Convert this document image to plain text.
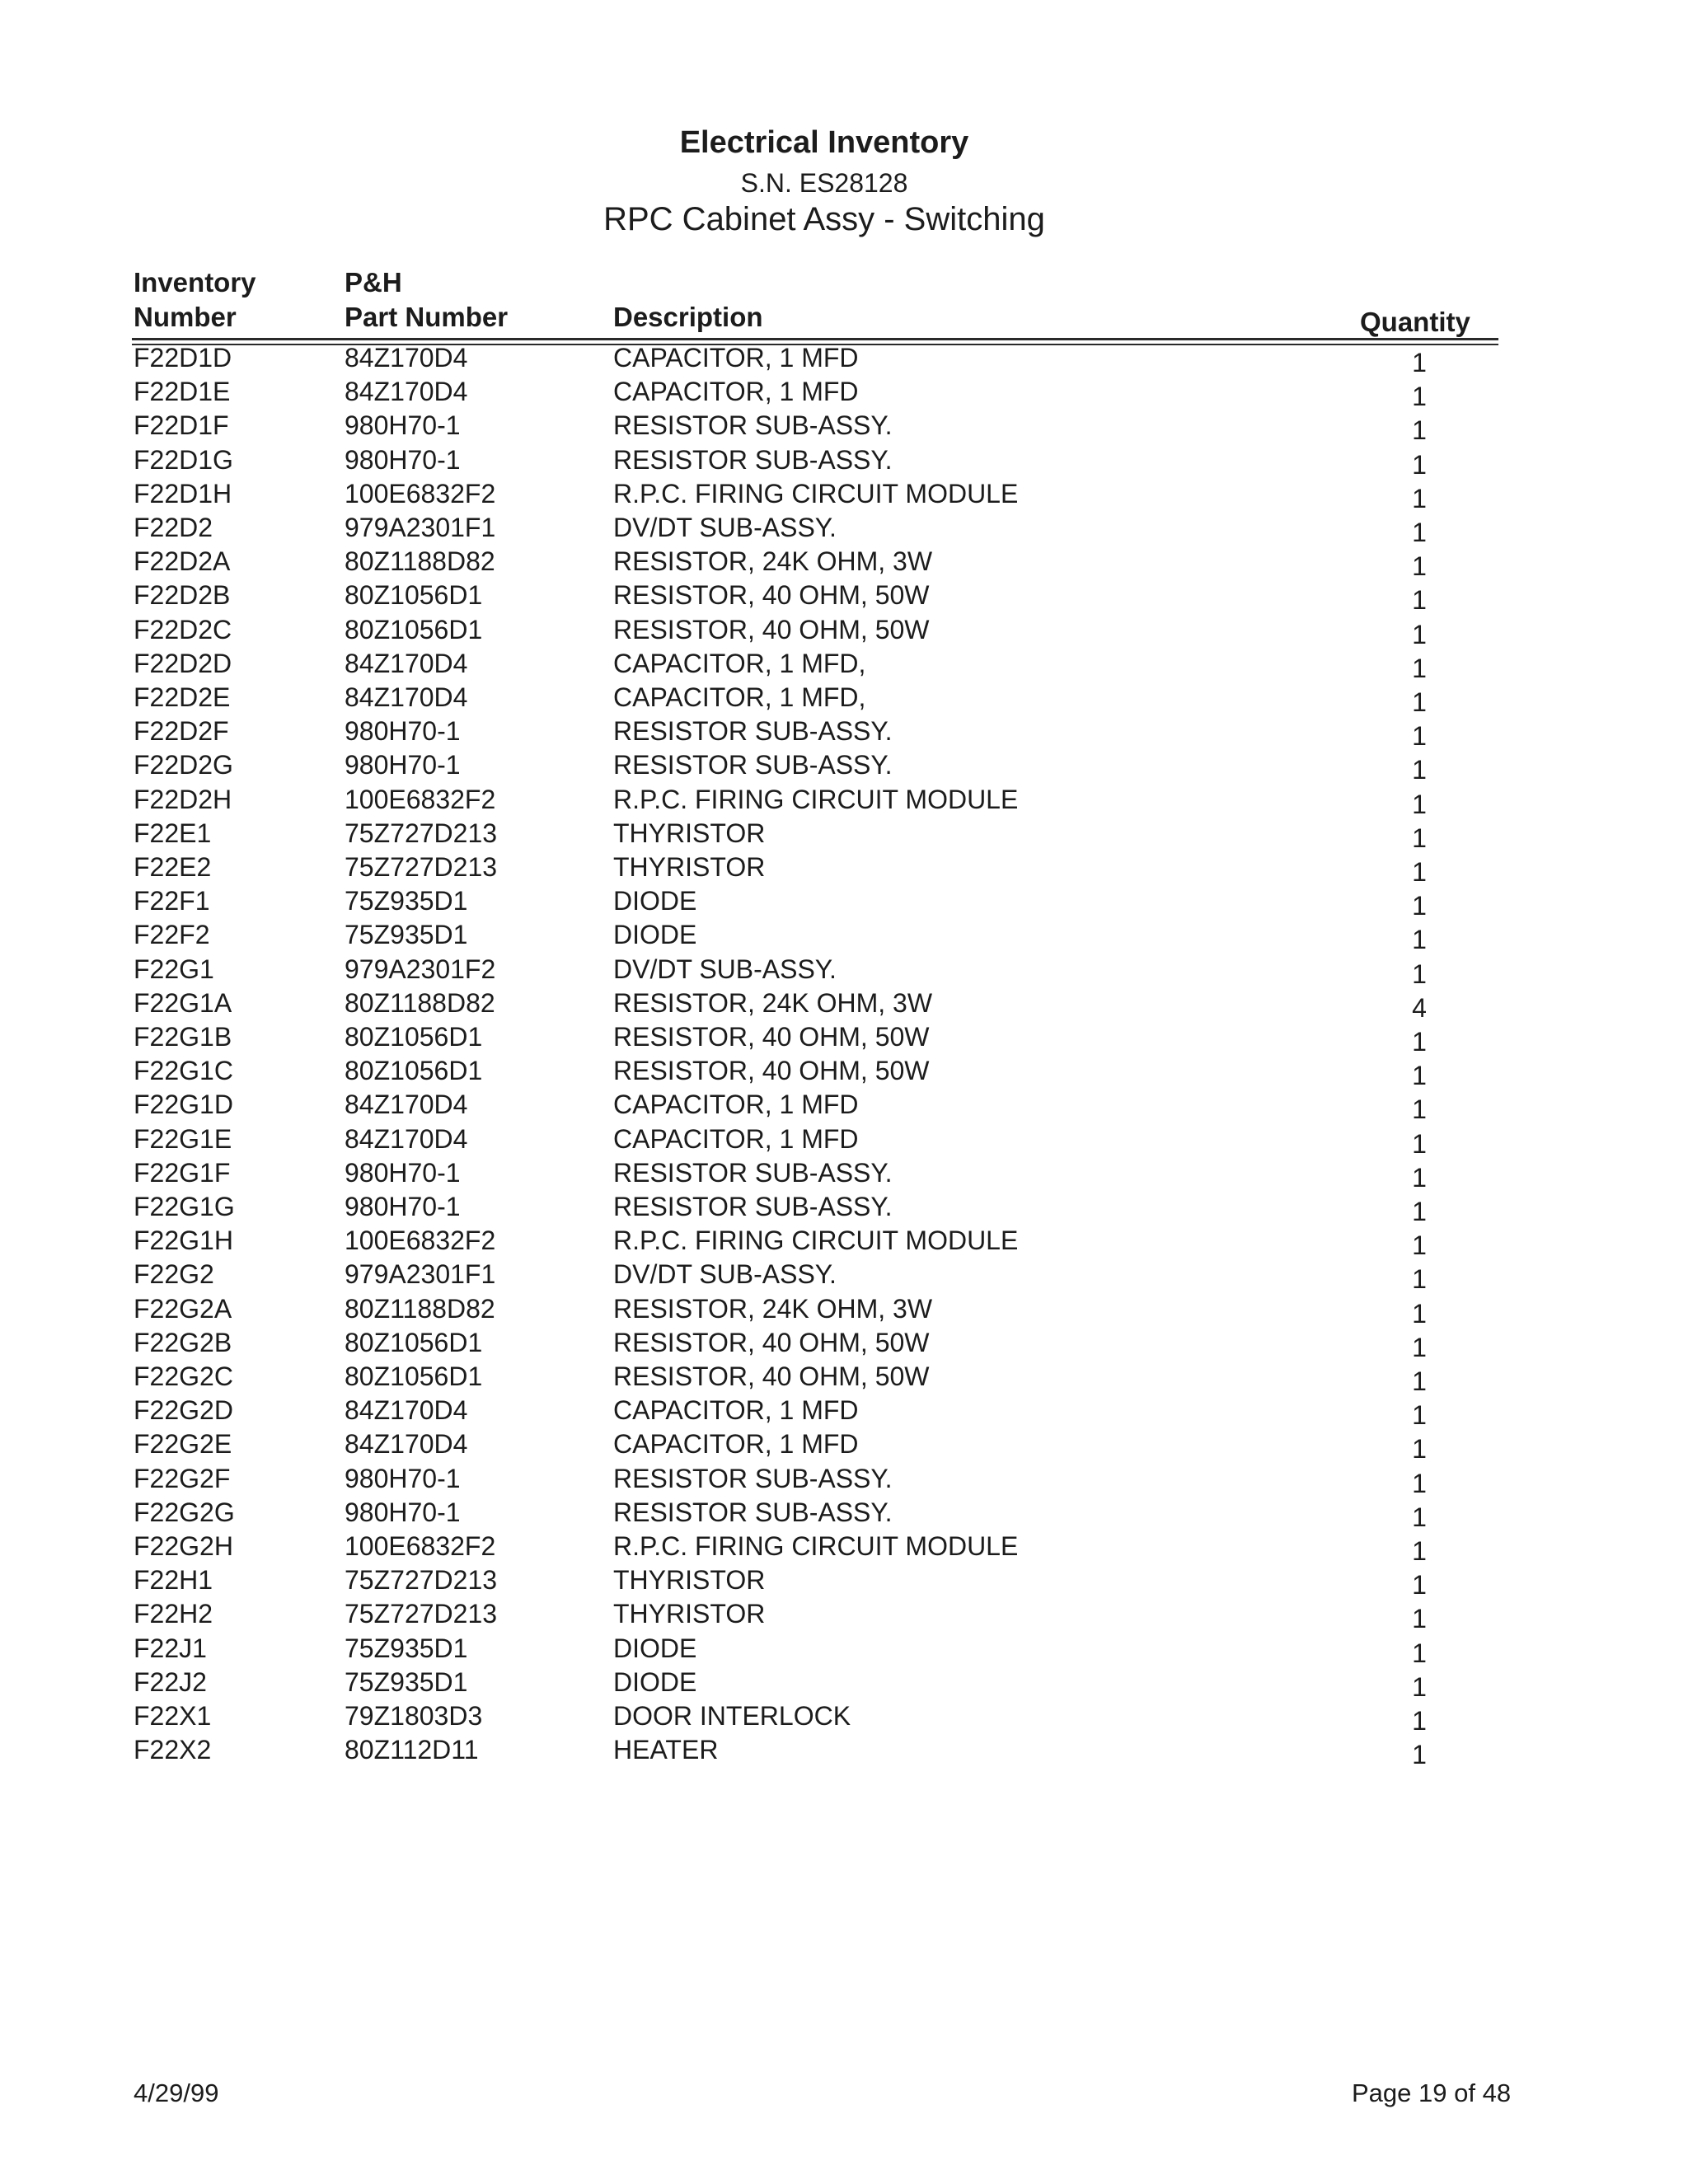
Electrical Inventory
S.N. ES28128
RPC Cabinet Assy - Switching
Inventory
Number
P&H
Part Number	Description	Quantity
F22D1D	84Z170D4	CAPACITOR, 1 MFD	1
F22D1E	84Z170D4	CAPACITOR, 1 MFD	1
F22D1F	980H70-1	RESISTOR SUB-ASSY.	1
F22D1G	980H70-1	RESISTOR SUB-ASSY.	1
F22D1H	100E6832F2	R.P.C. FIRING CIRCUIT MODULE	1
F22D2	979A2301F1	DV/DT SUB-ASSY.	1
F22D2A	80Z1188D82	RESISTOR, 24K OHM, 3W	1
F22D2B	80Z1056D1	RESISTOR, 40 OHM, 50W	1
F22D2C	80Z1056D1	RESISTOR, 40 OHM, 50W	1
F22D2D	84Z170D4	CAPACITOR, 1 MFD,	1
F22D2E	84Z170D4	CAPACITOR, 1 MFD,	1
F22D2F	980H70-1	RESISTOR SUB-ASSY.	1
F22D2G	980H70-1	RESISTOR SUB-ASSY.	1
F22D2H	100E6832F2	R.P.C. FIRING CIRCUIT MODULE	1
F22E1	75Z727D213	THYRISTOR	1
F22E2	75Z727D213	THYRISTOR	1
F22F1	75Z935D1	DIODE	1
F22F2	75Z935D1	DIODE	1
F22G1	979A2301F2	DV/DT SUB-ASSY.	1
F22G1A	80Z1188D82	RESISTOR, 24K OHM, 3W	4
F22G1B	80Z1056D1	RESISTOR, 40 OHM, 50W	1
F22G1C	80Z1056D1	RESISTOR, 40 OHM, 50W	1
F22G1D	84Z170D4	CAPACITOR, 1 MFD	1
F22G1E	84Z170D4	CAPACITOR, 1 MFD	1
F22G1F	980H70-1	RESISTOR SUB-ASSY.	1
F22G1G	980H70-1	RESISTOR SUB-ASSY.	1
F22G1H	100E6832F2	R.P.C. FIRING CIRCUIT MODULE	1
F22G2	979A2301F1	DV/DT SUB-ASSY.	1
F22G2A	80Z1188D82	RESISTOR, 24K OHM, 3W	1
F22G2B	80Z1056D1	RESISTOR, 40 OHM, 50W	1
F22G2C	80Z1056D1	RESISTOR, 40 OHM, 50W	1
F22G2D	84Z170D4	CAPACITOR, 1 MFD	1
F22G2E	84Z170D4	CAPACITOR, 1 MFD	1
F22G2F	980H70-1	RESISTOR SUB-ASSY.	1
F22G2G	980H70-1	RESISTOR SUB-ASSY.	1
F22G2H	100E6832F2	R.P.C. FIRING CIRCUIT MODULE	1
F22H1	75Z727D213	THYRISTOR	1
F22H2	75Z727D213	THYRISTOR	1
F22J1	75Z935D1	DIODE	1
F22J2	75Z935D1	DIODE	1
F22X1	79Z1803D3	DOOR INTERLOCK	1
F22X2	80Z112D11	HEATER	1
4/29/99	Page 19 of 48
